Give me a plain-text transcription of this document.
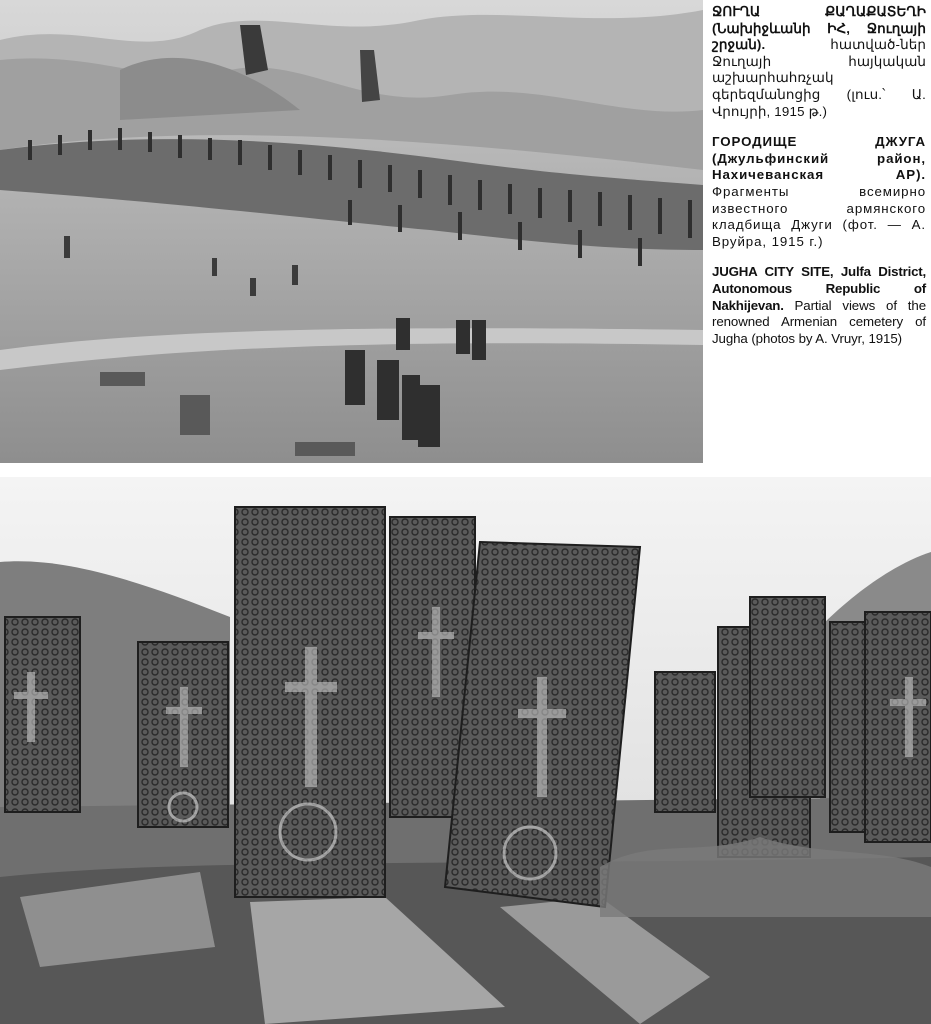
ՋՈՒՂԱ ՔԱՂԱՔԱՏԵՂԻ (Նախիջևանի ԻՀ, Ջուղայի շրջան).	հատված-ներ Ջուղայի հայկական աշխարհահռչակ գերեզմանոցից (լուս.՝ Ա. Վրույրի, 1915 թ.)

ГОРОДИЩЕ ДЖУГА (Джульфинский район, Нахичеванская АР). Фрагменты всемирно известного армянского кладбища Джуги (фот. — А. Вруйра, 1915 г.)

JUGHA CITY SITE, Julfa District, Autonomous Republic of Nakhijevan. Partial views of the renowned Armenian cemetery of Jugha (photos by A. Vruyr, 1915)
